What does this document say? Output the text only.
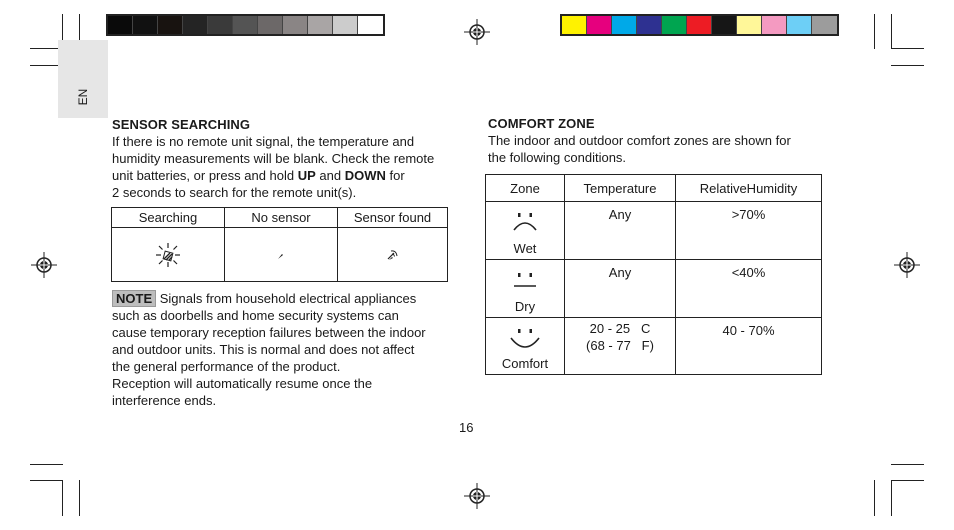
EN
SENSOR SEARCHING
If there is no remote unit signal, the temperature and
humidity measurements will be blank. Check the remote
unit batteries, or press and hold UP and DOWN for
2 seconds to search for the remote unit(s).
Searching	No sensor	Sensor found

NOTE Signals from household electrical appliances
such as doorbells and home security systems can
cause temporary reception failures between the indoor
and outdoor units. This is normal and does not affect
the general performance of the product.
Reception will automatically resume once the
interference ends.
COMFORT ZONE
The indoor and outdoor comfort zones are shown for
the following conditions.
Zone	Temperature	RelativeHumidity

Wet	Any	>70%

Dry	Any	<40%

Comfort	20 - 25   C
(68 - 77   F)	40 - 70%
16
